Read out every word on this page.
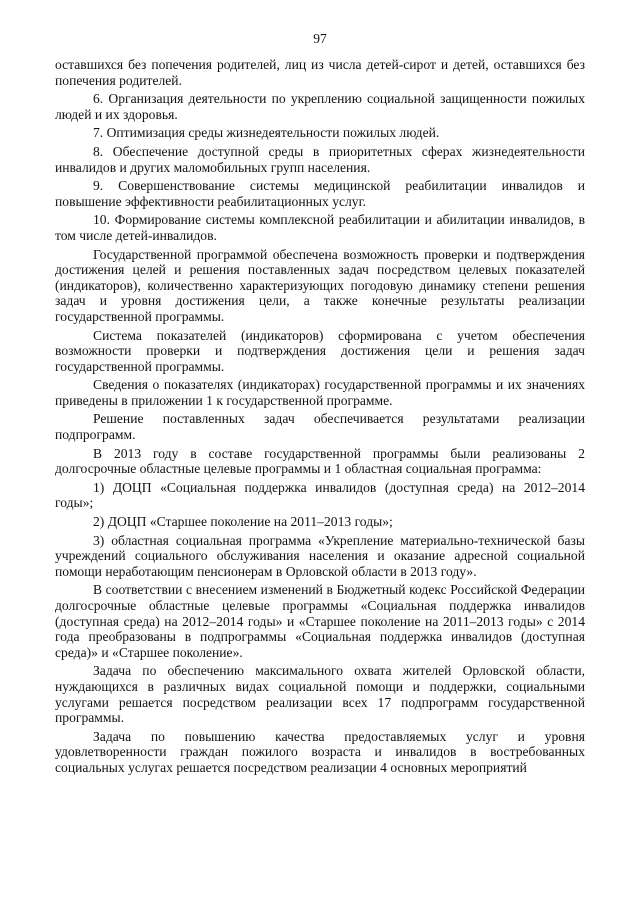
97

оставшихся без попечения родителей, лиц из числа детей-сирот и детей, оставшихся без попечения родителей.

6. Организация деятельности по укреплению социальной защищенности пожилых людей и их здоровья.

7. Оптимизация среды жизнедеятельности пожилых людей.

8. Обеспечение доступной среды в приоритетных сферах жизнедеятельности инвалидов и других маломобильных групп населения.

9. Совершенствование системы медицинской реабилитации инвалидов и повышение эффективности реабилитационных услуг.

10. Формирование системы комплексной реабилитации и абилитации инвалидов, в том числе детей-инвалидов.

Государственной программой обеспечена возможность проверки и подтверждения достижения целей и решения поставленных задач посредством целевых показателей (индикаторов), количественно характеризующих погодовую динамику степени решения задач и уровня достижения цели, а также конечные результаты реализации государственной программы.

Система показателей (индикаторов) сформирована с учетом обеспечения возможности проверки и подтверждения достижения цели и решения задач государственной программы.

Сведения о показателях (индикаторах) государственной программы и их значениях приведены в приложении 1 к государственной программе.

Решение поставленных задач обеспечивается результатами реализации подпрограмм.

В 2013 году в составе государственной программы были реализованы 2 долгосрочные областные целевые программы и 1 областная социальная программа:

1) ДОЦП «Социальная поддержка инвалидов (доступная среда) на 2012–2014 годы»;

2) ДОЦП «Старшее поколение на 2011–2013 годы»;

3) областная социальная программа «Укрепление материально-технической базы учреждений социального обслуживания населения и оказание адресной социальной помощи неработающим пенсионерам в Орловской области в 2013 году».

В соответствии с внесением изменений в Бюджетный кодекс Российской Федерации долгосрочные областные целевые программы «Социальная поддержка инвалидов (доступная среда) на 2012–2014 годы» и «Старшее поколение на 2011–2013 годы» с 2014 года преобразованы в подпрограммы «Социальная поддержка инвалидов (доступная среда)» и «Старшее поколение».

Задача по обеспечению максимального охвата жителей Орловской области, нуждающихся в различных видах социальной помощи и поддержки, социальными услугами решается посредством реализации всех 17 подпрограмм государственной программы.

Задача по повышению качества предоставляемых услуг и уровня удовлетворенности граждан пожилого возраста и инвалидов в востребованных социальных услугах решается посредством реализации 4 основных мероприятий
